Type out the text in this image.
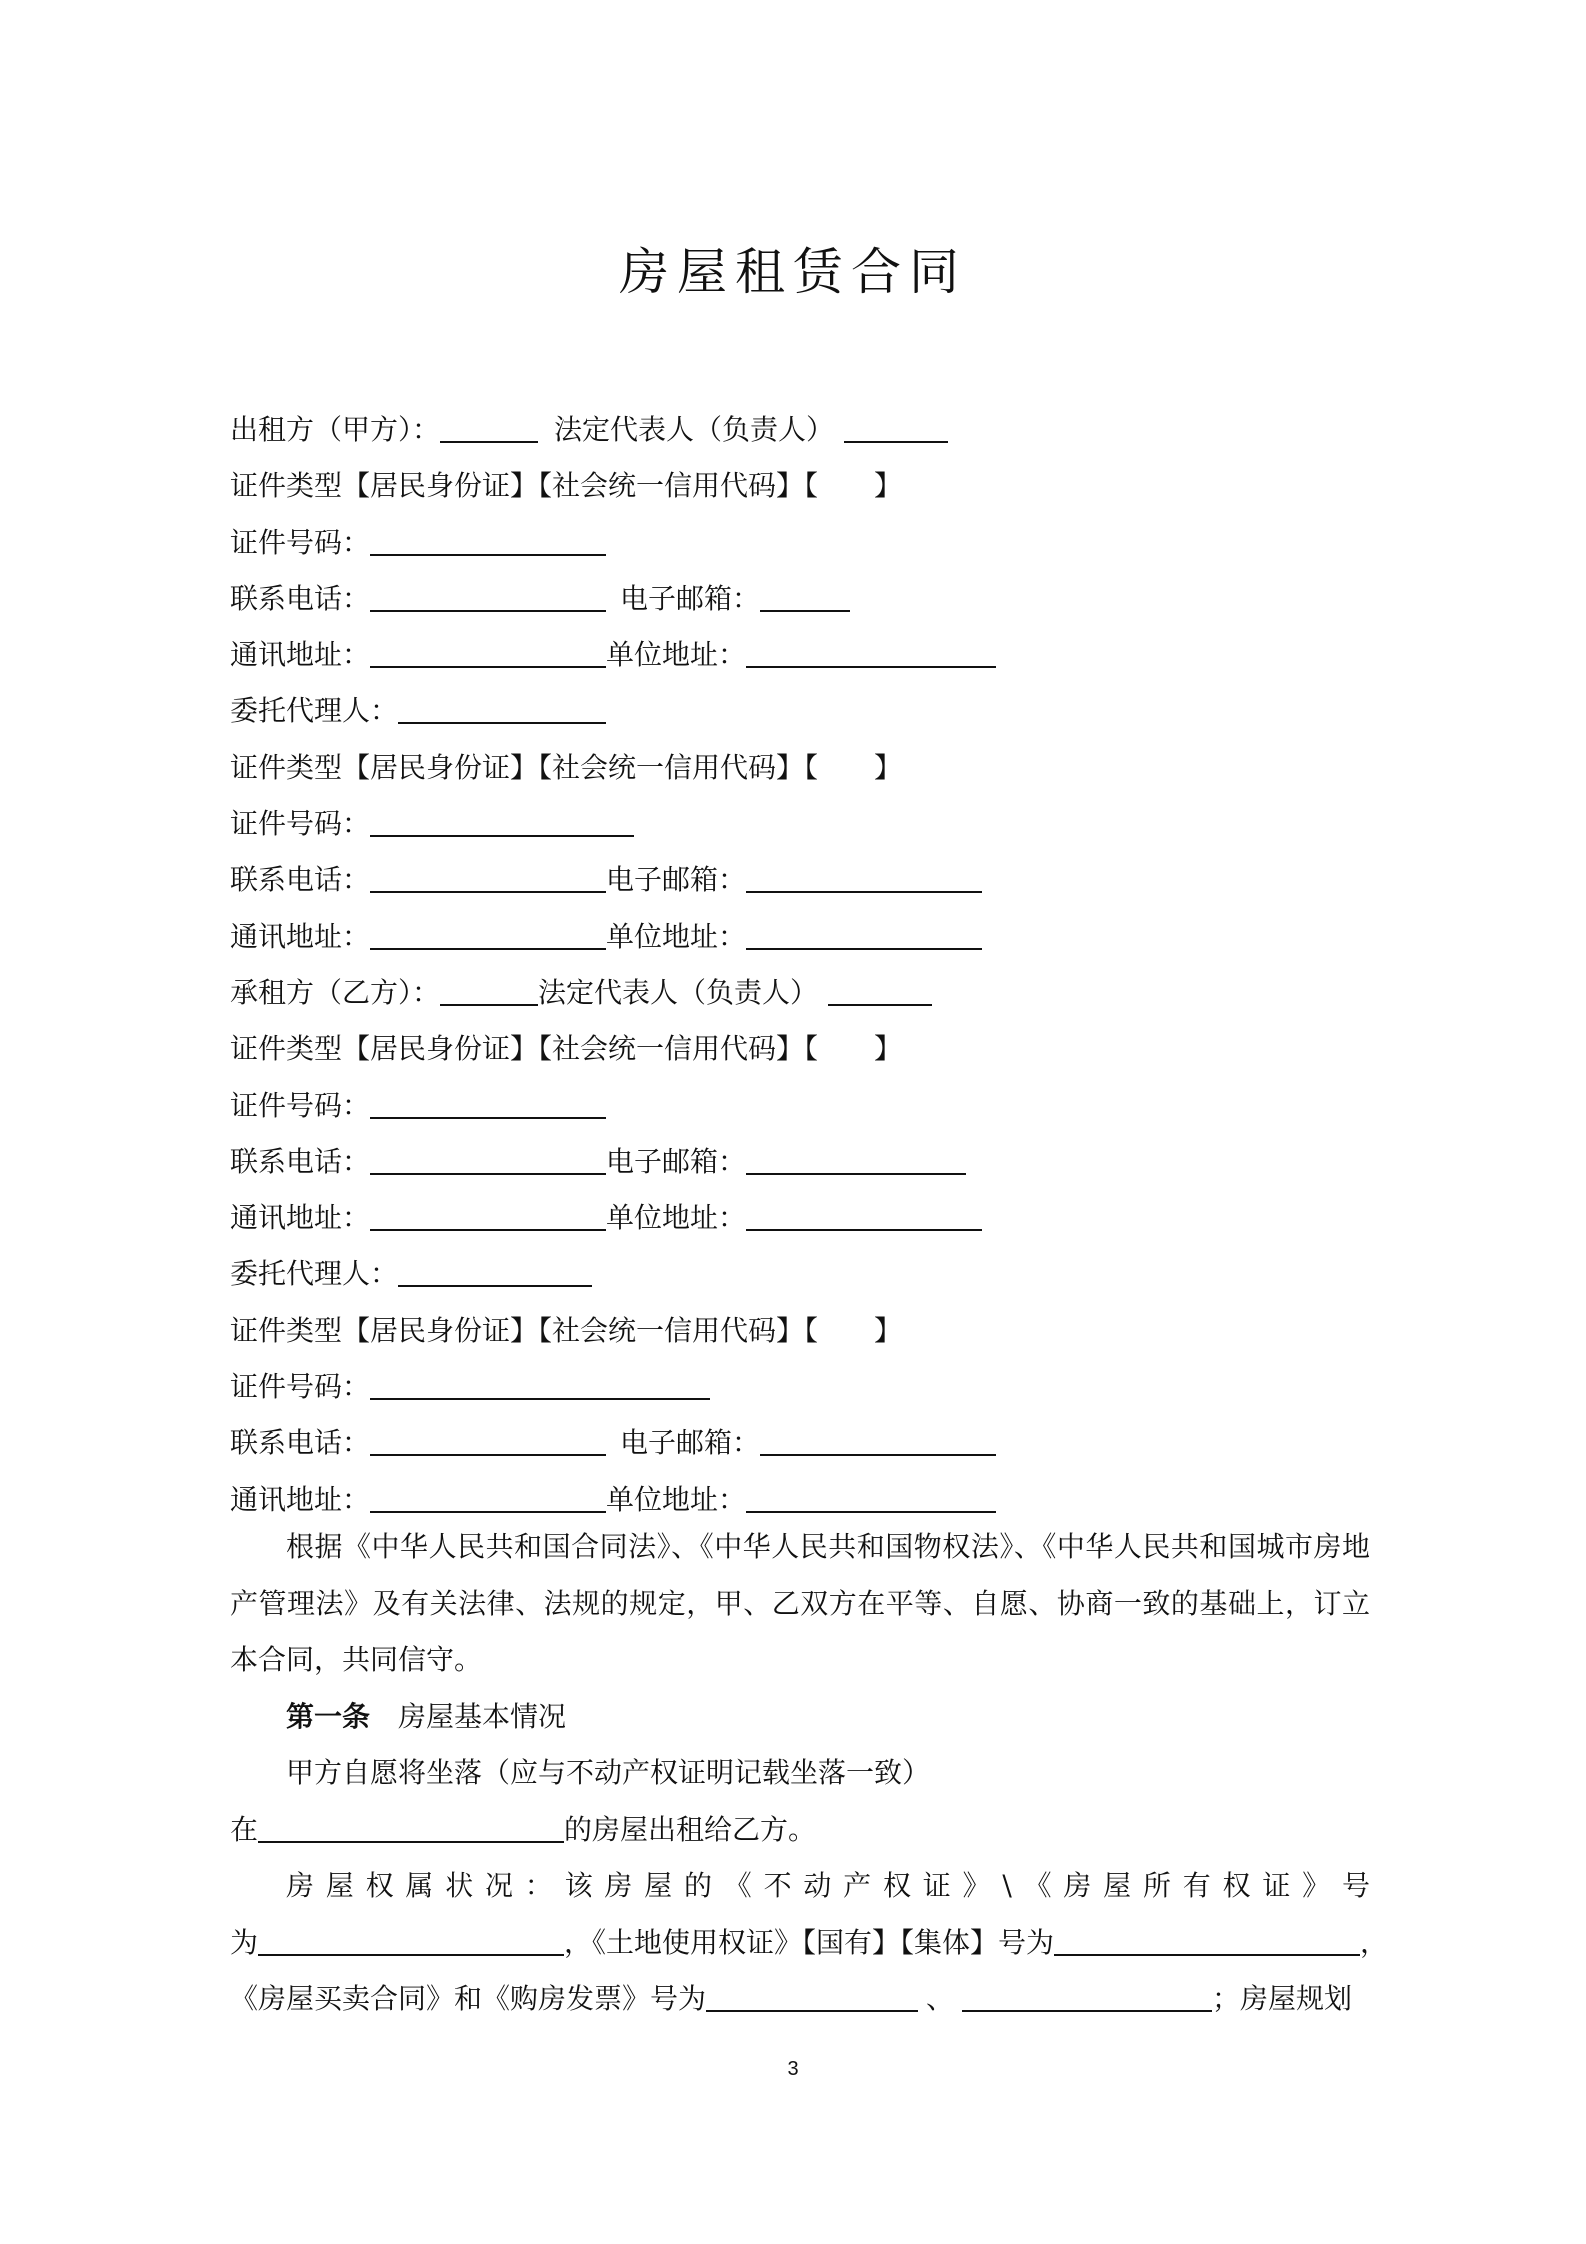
房屋租赁合同
出租方（甲方）：	法定代表人（负责人）
证件类型【居民身份证】【社会统一信用代码】【　　】
证件号码：
联系电话：	电子邮箱：
通讯地址：	单位地址：
委托代理人：
证件类型【居民身份证】【社会统一信用代码】【　　】
证件号码：
联系电话：	电子邮箱：
通讯地址：	单位地址：
承租方（乙方）：	法定代表人（负责人）
证件类型【居民身份证】【社会统一信用代码】【　　】
证件号码：
联系电话：	电子邮箱：
通讯地址：	单位地址：
委托代理人：
证件类型【居民身份证】【社会统一信用代码】【　　】
证件号码：
联系电话：	电子邮箱：
通讯地址：	单位地址：

根据《中华人民共和国合同法》、《中华人民共和国物权法》、《中华人民共和国城市房地产管理法》及有关法律、法规的规定，甲、乙双方在平等、自愿、协商一致的基础上，订立本合同，共同信守。

第一条 房屋基本情况
甲方自愿将坐落（应与不动产权证明记载坐落一致）
在	的房屋出租给乙方。
房 屋 权 属 状 况 ： 该 房 屋 的 《 不 动 产 权 证 》 \ 《 房 屋 所 有 权 证 》 号
为	，《土地使用权证》【国有】【集体】号为	，
《房屋买卖合同》和《购房发票》号为	、	；房屋规划
3
